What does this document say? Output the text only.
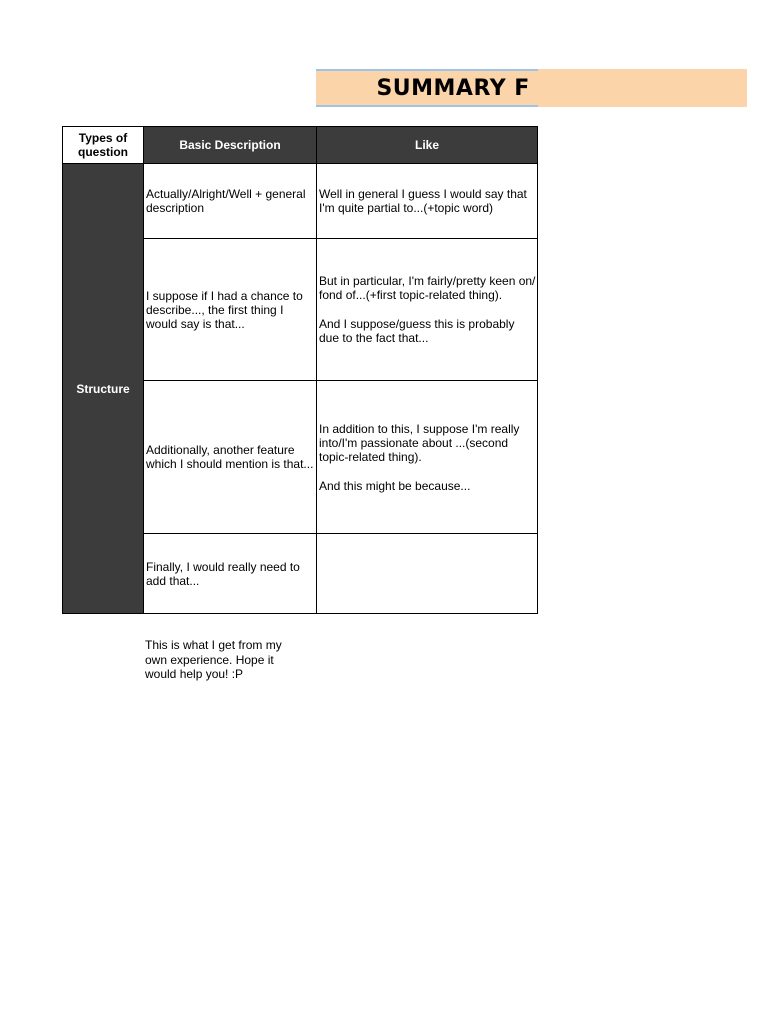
SUMMARY F
Types of question	Basic Description	Like
Structure	Actually/Alright/Well + general description	Well in general I guess I would say that I'm quite partial to...(+topic word)

	I suppose if I had a chance to describe..., the first thing I would say is that...	But in particular, I'm fairly/pretty keen on/ fond of...(+first topic-related thing).

And I suppose/guess this is probably due to the fact that...

	Additionally, another feature which I should mention is that...	In addition to this, I suppose I'm really into/I'm passionate about ...(second topic-related thing).

And this might be because...

	Finally, I would really need to add that...	

This is what I get from my own experience. Hope it would help you! :P
